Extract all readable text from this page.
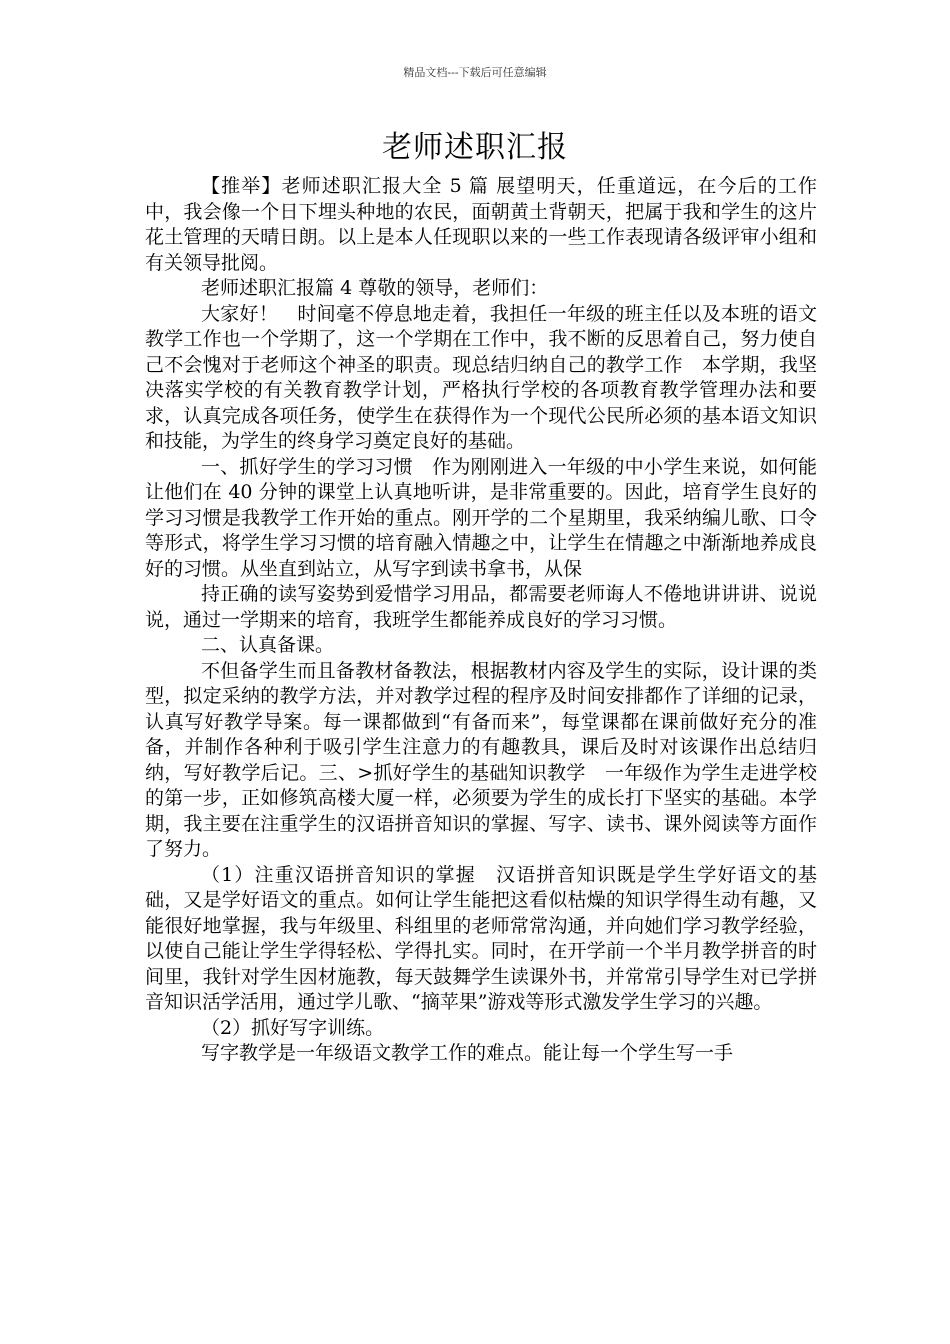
精品文档---下载后可任意编辑
老师述职汇报

【推举】老师述职汇报大全 5 篇 展望明天，任重道远，在今后的工作中，我会像一个日下埋头种地的农民，面朝黄土背朝天，把属于我和学生的这片花土管理的天晴日朗。以上是本人任现职以来的一些工作表现请各级评审小组和有关领导批阅。

老师述职汇报篇 4 尊敬的领导，老师们：

大家好！　时间毫不停息地走着，我担任一年级的班主任以及本班的语文教学工作也一个学期了，这一个学期在工作中，我不断的反思着自己，努力使自己不会愧对于老师这个神圣的职责。现总结归纳自己的教学工作　本学期，我坚决落实学校的有关教育教学计划，严格执行学校的各项教育教学管理办法和要求，认真完成各项任务，使学生在获得作为一个现代公民所必须的基本语文知识和技能，为学生的终身学习奠定良好的基础。

一、抓好学生的学习习惯　作为刚刚进入一年级的中小学生来说，如何能让他们在 40 分钟的课堂上认真地听讲，是非常重要的。因此，培育学生良好的学习习惯是我教学工作开始的重点。刚开学的二个星期里，我采纳编儿歌、口令等形式，将学生学习习惯的培育融入情趣之中，让学生在情趣之中渐渐地养成良好的习惯。从坐直到站立，从写字到读书拿书，从保

持正确的读写姿势到爱惜学习用品，都需要老师诲人不倦地讲讲讲、说说说，通过一学期来的培育，我班学生都能养成良好的学习习惯。

二、认真备课。

不但备学生而且备教材备教法，根据教材内容及学生的实际，设计课的类型，拟定采纳的教学方法，并对教学过程的程序及时间安排都作了详细的记录，认真写好教学导案。每一课都做到“有备而来”，每堂课都在课前做好充分的准备，并制作各种利于吸引学生注意力的有趣教具，课后及时对该课作出总结归纳，写好教学后记。三、>抓好学生的基础知识教学　一年级作为学生走进学校的第一步，正如修筑高楼大厦一样，必须要为学生的成长打下坚实的基础。本学期，我主要在注重学生的汉语拼音知识的掌握、写字、读书、课外阅读等方面作了努力。

（1）注重汉语拼音知识的掌握　汉语拼音知识既是学生学好语文的基础，又是学好语文的重点。如何让学生能把这看似枯燥的知识学得生动有趣，又能很好地掌握，我与年级里、科组里的老师常常沟通，并向她们学习教学经验，以使自己能让学生学得轻松、学得扎实。同时，在开学前一个半月教学拼音的时间里，我针对学生因材施教，每天鼓舞学生读课外书，并常常引导学生对已学拼音知识活学活用，通过学儿歌、“摘苹果”游戏等形式激发学生学习的兴趣。

（2）抓好写字训练。

写字教学是一年级语文教学工作的难点。能让每一个学生写一手
